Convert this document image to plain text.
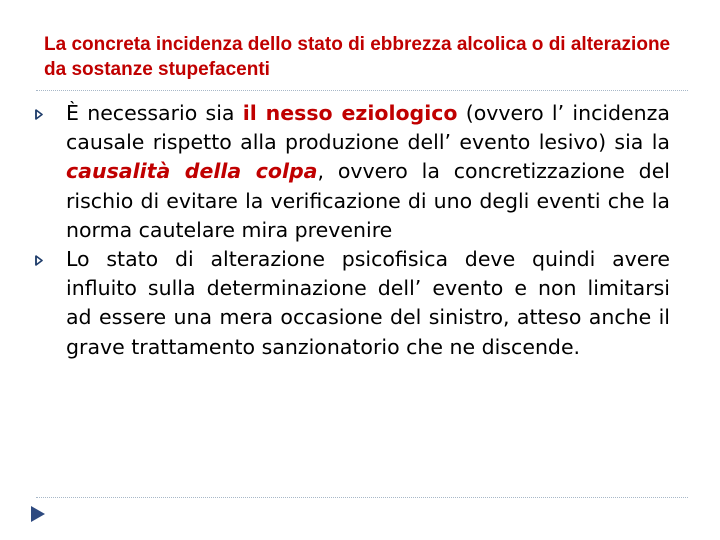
La concreta incidenza dello stato di ebbrezza alcolica o di alterazione da sostanze stupefacenti
È necessario sia il nesso eziologico (ovvero l’ incidenza causale rispetto alla produzione dell’ evento lesivo) sia la causalità della colpa, ovvero la concretizzazione del rischio di evitare la verificazione di uno degli eventi che la norma cautelare mira prevenire
Lo stato di alterazione psicofisica deve quindi avere influito sulla determinazione dell’ evento e non limitarsi ad essere una mera occasione del sinistro, atteso anche il grave trattamento sanzionatorio che ne discende.
